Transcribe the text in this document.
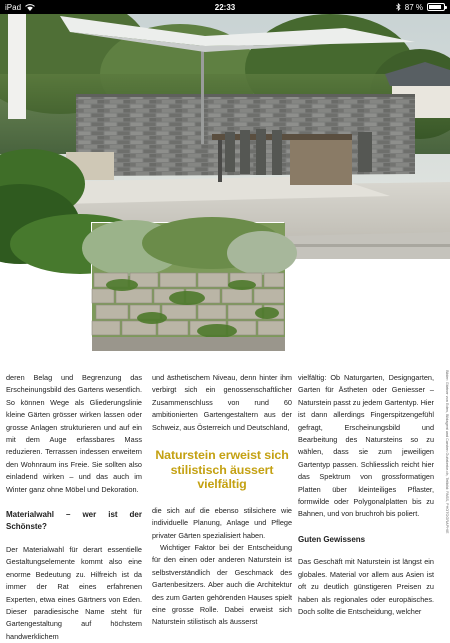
iPad	22:33	87 %

deren Belag und Begrenzung das Erscheinungsbild des Gartens wesentlich. So können Wege als Gliederungslinie kleine Gärten grösser wirken lassen oder grosse Anlagen strukturieren und auf ein mit dem Auge erfassbares Mass reduzieren. Terrassen indessen erweitern den Wohnraum ins Freie. Sie sollten also einladend wirken – und das auch im Winter ganz ohne Möbel und Dekoration.

Materialwahl – wer ist der Schönste?

Der Materialwahl für derart essentielle Gestaltungselemente kommt also eine enorme Bedeutung zu. Hilfreich ist da immer der Rat eines erfahrenen Experten, etwa eines Gärtners von Eden. Dieser paradiesische Name steht für Gartengestaltung auf höchstem handwerklichem

und ästhetischem Niveau, denn hinter ihm verbirgt sich ein genossenschaftlicher Zusammenschluss von rund 60 ambitionierten Gartengestaltern aus der Schweiz, aus Österreich und Deutschland,

Naturstein erweist sich stilistisch äussert vielfältig

die sich auf die ebenso stilsichere wie individuelle Planung, Anlage und Pflege privater Gärten spezialisiert haben.

Wichtiger Faktor bei der Entscheidung für den einen oder anderen Naturstein ist selbstverständlich der Geschmack des Gartenbesitzers. Aber auch die Architektur des zum Garten gehörenden Hauses spielt eine grosse Rolle. Dabei erweist sich Naturstein stilistisch als äusserst

vielfältig: Ob Naturgarten, Designgarten, Garten für Ästheten oder Geniesser – Naturstein passt zu jedem Gartentyp. Hier ist dann allerdings Fingerspitzengefühl gefragt, Erscheinungsbild und Bearbeitung des Natursteins so zu wählen, dass sie zum jeweiligen Gartentyp passen. Schliesslich reicht hier das Spektrum von grossformatigen Platten über kleinteiliges Pflaster, formwilde oder Polygonalplatten bis zu Bahnen, und von bruchroh bis poliert.

Guten Gewissens

Das Geschäft mit Naturstein ist längst ein globales. Material vor allem aus Asien ist oft zu deutlich günstigeren Preisen zu haben als regionales oder europäisches. Doch sollte die Entscheidung, welcher

Bilder: Gärtner von Eden, Bildagent und Carsten Guhrkerke.ch, Teilbild: PASS, PHOTOGRAPHIE
